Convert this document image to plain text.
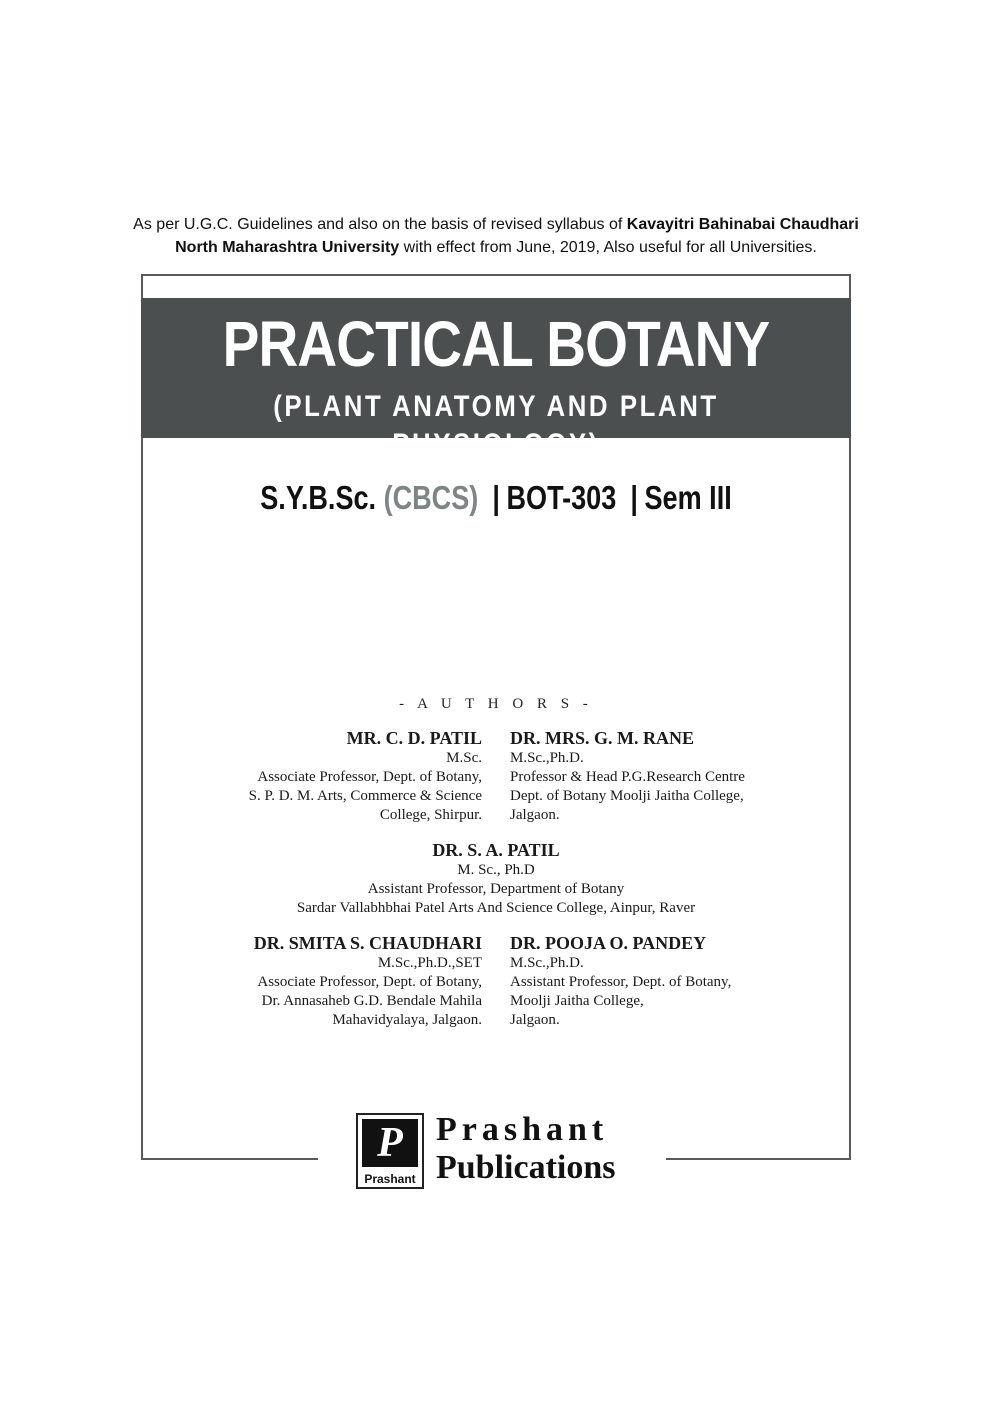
As per U.G.C. Guidelines and also on the basis of revised syllabus of Kavayitri Bahinabai Chaudhari
North Maharashtra University with effect from June, 2019, Also useful for all Universities.
PRACTICAL BOTANY
(PLANT ANATOMY AND PLANT PHYSIOLOGY)
S.Y.B.Sc. (CBCS) | BOT-303 | Sem III
- A U T H O R S -
MR. C. D. PATIL
M.Sc.
Associate Professor, Dept. of Botany,
S. P. D. M. Arts, Commerce & Science
College, Shirpur.
DR. MRS. G. M. RANE
M.Sc.,Ph.D.
Professor & Head P.G.Research Centre
Dept. of Botany Moolji Jaitha College,
Jalgaon.
DR. S. A. PATIL
M. Sc., Ph.D
Assistant Professor, Department of Botany
Sardar Vallabhbhai Patel Arts And Science College, Ainpur, Raver
DR. SMITA S. CHAUDHARI
M.Sc.,Ph.D.,SET
Associate Professor, Dept. of Botany,
Dr. Annasaheb G.D. Bendale Mahila
Mahavidyalaya, Jalgaon.
DR. POOJA O. PANDEY
M.Sc.,Ph.D.
Assistant Professor, Dept. of Botany,
Moolji Jaitha College,
Jalgaon.
P
Prashant
Prashant
Publications
